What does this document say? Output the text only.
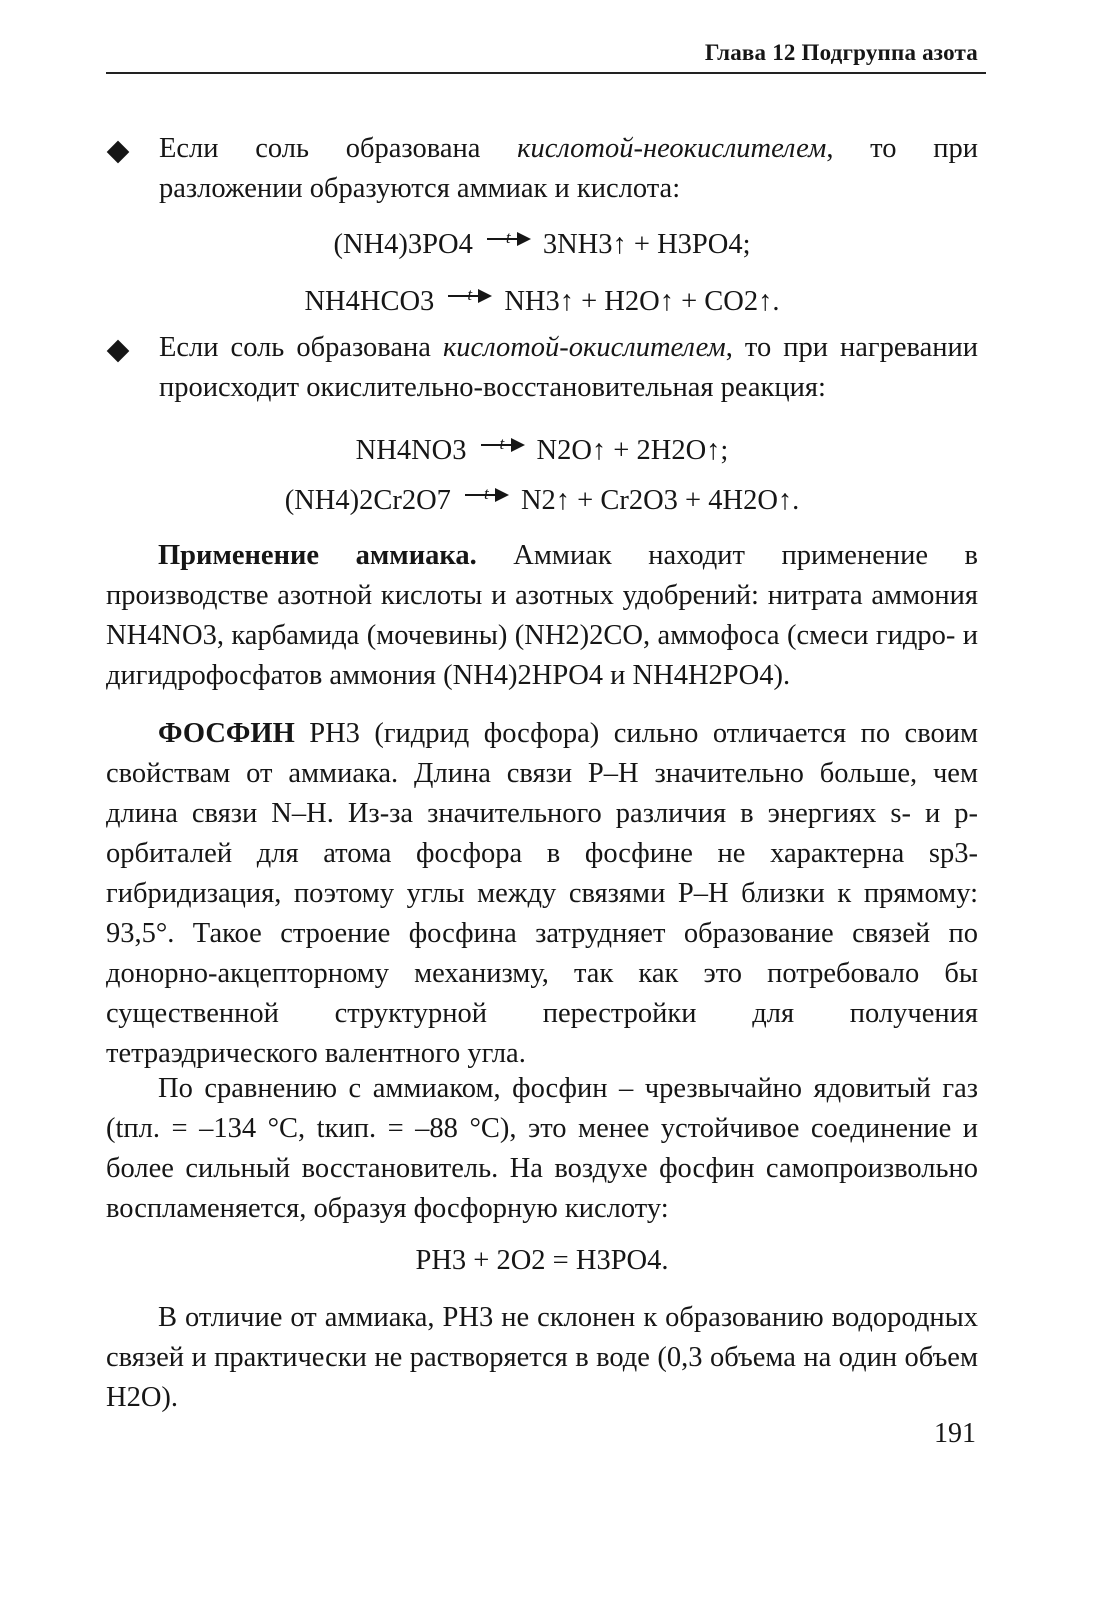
Глава 12 Подгруппа азота
Если соль образована кислотой-неокислителем, то при разложении образуются аммиак и кислота:
(NH4)3PO4 3NH3↑ + H3PO4;
NH4HCO3 NH3↑ + H2O↑ + CO2↑.
Если соль образована кислотой-окислителем, то при нагревании происходит окислительно-восстановительная реакция:
NH4NO3 N2O↑ + 2H2O↑;
(NH4)2Cr2O7 N2↑ + Cr2O3 + 4H2O↑.
Применение аммиака. Аммиак находит применение в производстве азотной кислоты и азотных удобрений: нитрата аммония NH4NO3, карбамида (мочевины) (NH2)2CO, аммофоса (смеси гидро- и дигидрофосфатов аммония (NH4)2HPO4 и NH4H2PO4).
ФОСФИН PH3 (гидрид фосфора) сильно отличается по своим свойствам от аммиака. Длина связи P–H значительно больше, чем длина связи N–H. Из-за значительного различия в энергиях s- и p-орбиталей для атома фосфора в фосфине не характерна sp3-гибридизация, поэтому углы между связями P–H близки к прямому: 93,5°. Такое строение фосфина затрудняет образование связей по донорно-акцепторному механизму, так как это потребовало бы существенной структурной перестройки для получения тетраэдрического валентного угла.
По сравнению с аммиаком, фосфин – чрезвычайно ядовитый газ (tпл. = –134 °C, tкип. = –88 °C), это менее устойчивое соединение и более сильный восстановитель. На воздухе фосфин самопроизвольно воспламеняется, образуя фосфорную кислоту:
PH3 + 2O2 = H3PO4.
В отличие от аммиака, PH3 не склонен к образованию водородных связей и практически не растворяется в воде (0,3 объема на один объем H2O).
191
